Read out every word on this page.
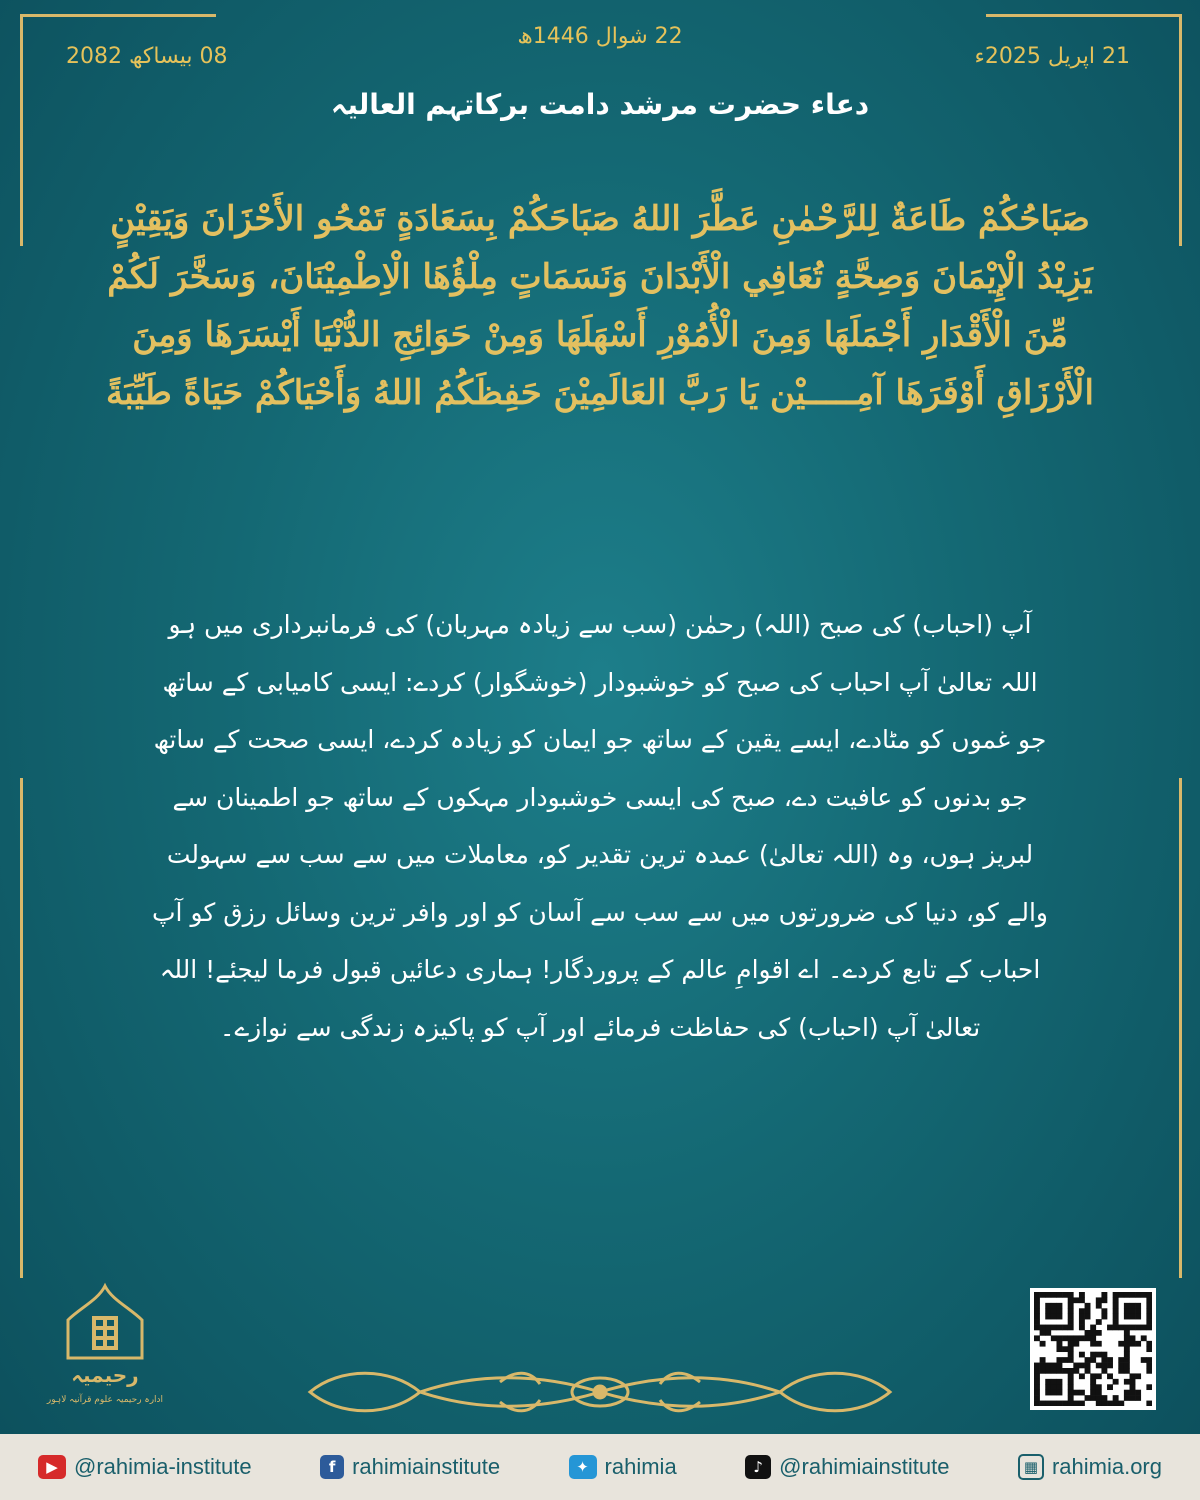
08 بیساکھ 2082
22 شوال 1446ھ
21 اپریل 2025ء
دعاء حضرت مرشد دامت برکاتہم العالیہ
صَبَاحُكُمْ طَاعَةٌ لِلرَّحْمٰنِ عَطَّرَ اللهُ صَبَاحَكُمْ بِسَعَادَةٍ تَمْحُو الأَحْزَانَ وَيَقِيْنٍ يَزِيْدُ الْإِيْمَانَ وَصِحَّةٍ تُعَافِي الْأَبْدَانَ وَنَسَمَاتٍ مِلْؤُهَا الْاِطْمِيْنَانَ، وَسَخَّرَ لَكُمْ مِّنَ الْأَقْدَارِ أَجْمَلَهَا وَمِنَ الْأُمُوْرِ أَسْهَلَهَا وَمِنْ حَوَائِجِ الدُّنْيَا أَيْسَرَهَا وَمِنَ الْأَرْزَاقِ أَوْفَرَهَا آمِـــــيْن يَا رَبَّ العَالَمِيْنَ حَفِظَكُمُ اللهُ وَأَحْيَاكُمْ حَيَاةً طَيِّبَةً
آپ (احباب) کی صبح (اللہ) رحمٰن (سب سے زیادہ مہربان) کی فرمانبرداری میں ہو اللہ تعالیٰ آپ احباب کی صبح کو خوشبودار (خوشگوار) کردے: ایسی کامیابی کے ساتھ جو غموں کو مٹادے، ایسے یقین کے ساتھ جو ایمان کو زیادہ کردے، ایسی صحت کے ساتھ جو بدنوں کو عافیت دے، صبح کی ایسی خوشبودار مہکوں کے ساتھ جو اطمینان سے لبریز ہوں، وہ (اللہ تعالیٰ) عمدہ ترین تقدیر کو، معاملات میں سے سب سے سہولت والے کو، دنیا کی ضرورتوں میں سے سب سے آسان کو اور وافر ترین وسائل رزق کو آپ احباب کے تابع کردے۔ اے اقوامِ عالم کے پروردگار! ہماری دعائیں قبول فرما لیجئے! اللہ تعالیٰ آپ (احباب) کی حفاظت فرمائے اور آپ کو پاکیزہ زندگی سے نوازے۔
رحیمیہ
ادارہ رحیمیہ علوم قرآنیہ لاہور
▶ @rahimia-institute	f rahimiainstitute	✦ rahimia	♪ @rahimiainstitute	▦ rahimia.org
